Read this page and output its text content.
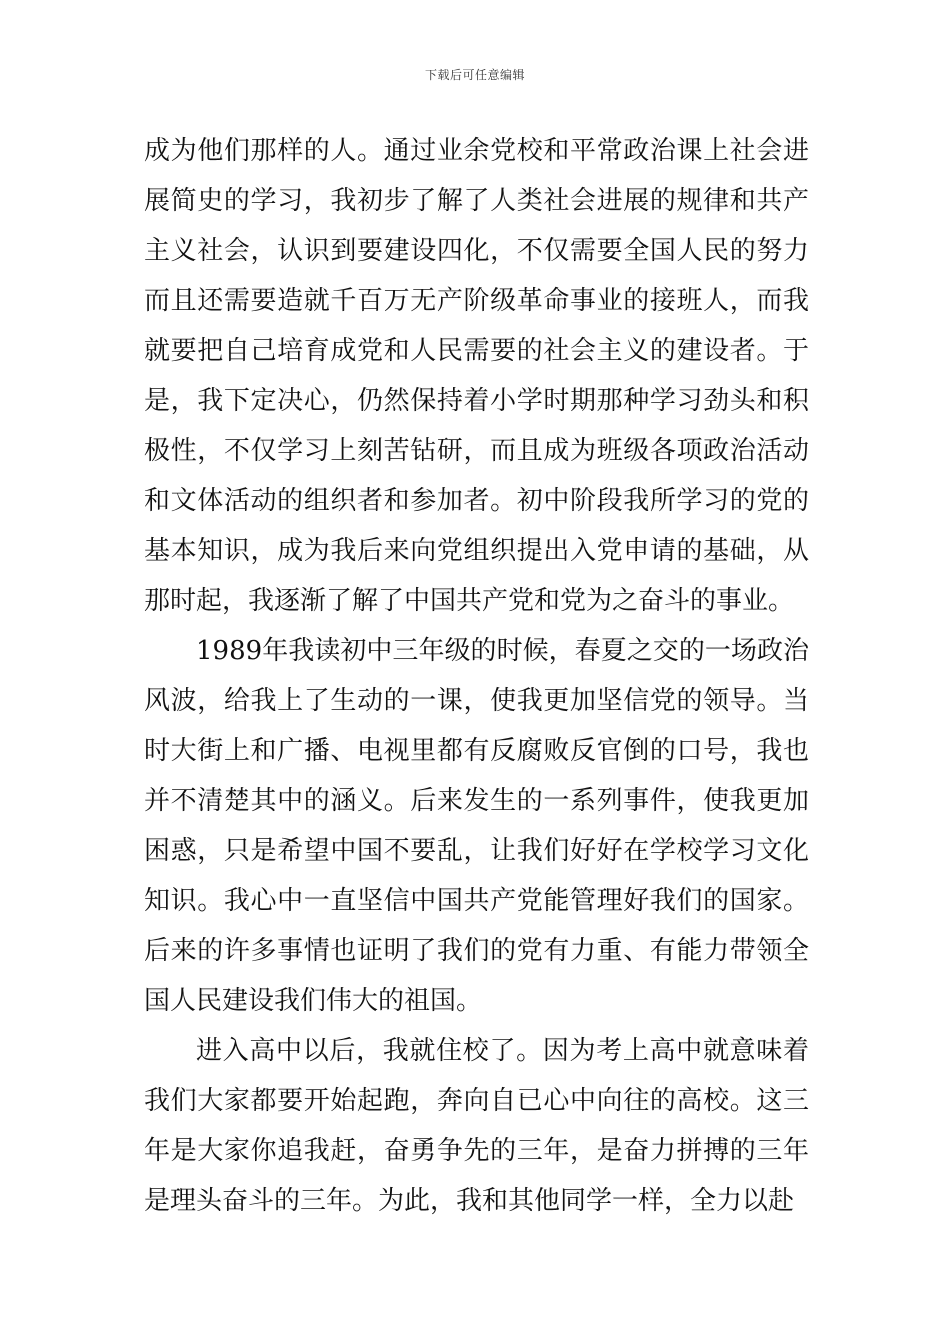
下载后可任意编辑

成为他们那样的人。通过业余党校和平常政治课上社会进展简史的学习，我初步了解了人类社会进展的规律和共产主义社会，认识到要建设四化，不仅需要全国人民的努力而且还需要造就千百万无产阶级革命事业的接班人，而我就要把自己培育成党和人民需要的社会主义的建设者。于是，我下定决心，仍然保持着小学时期那种学习劲头和积极性，不仅学习上刻苦钻研，而且成为班级各项政治活动和文体活动的组织者和参加者。初中阶段我所学习的党的基本知识，成为我后来向党组织提出入党申请的基础，从那时起，我逐渐了解了中国共产党和党为之奋斗的事业。

1989年我读初中三年级的时候，春夏之交的一场政治风波，给我上了生动的一课，使我更加坚信党的领导。当时大街上和广播、电视里都有反腐败反官倒的口号，我也并不清楚其中的涵义。后来发生的一系列事件，使我更加困惑，只是希望中国不要乱，让我们好好在学校学习文化知识。我心中一直坚信中国共产党能管理好我们的国家。后来的许多事情也证明了我们的党有力重、有能力带领全国人民建设我们伟大的祖国。

进入高中以后，我就住校了。因为考上高中就意味着我们大家都要开始起跑，奔向自已心中向往的高校。这三年是大家你追我赶，奋勇争先的三年，是奋力拼搏的三年是理头奋斗的三年。为此，我和其他同学一样，全力以赴
